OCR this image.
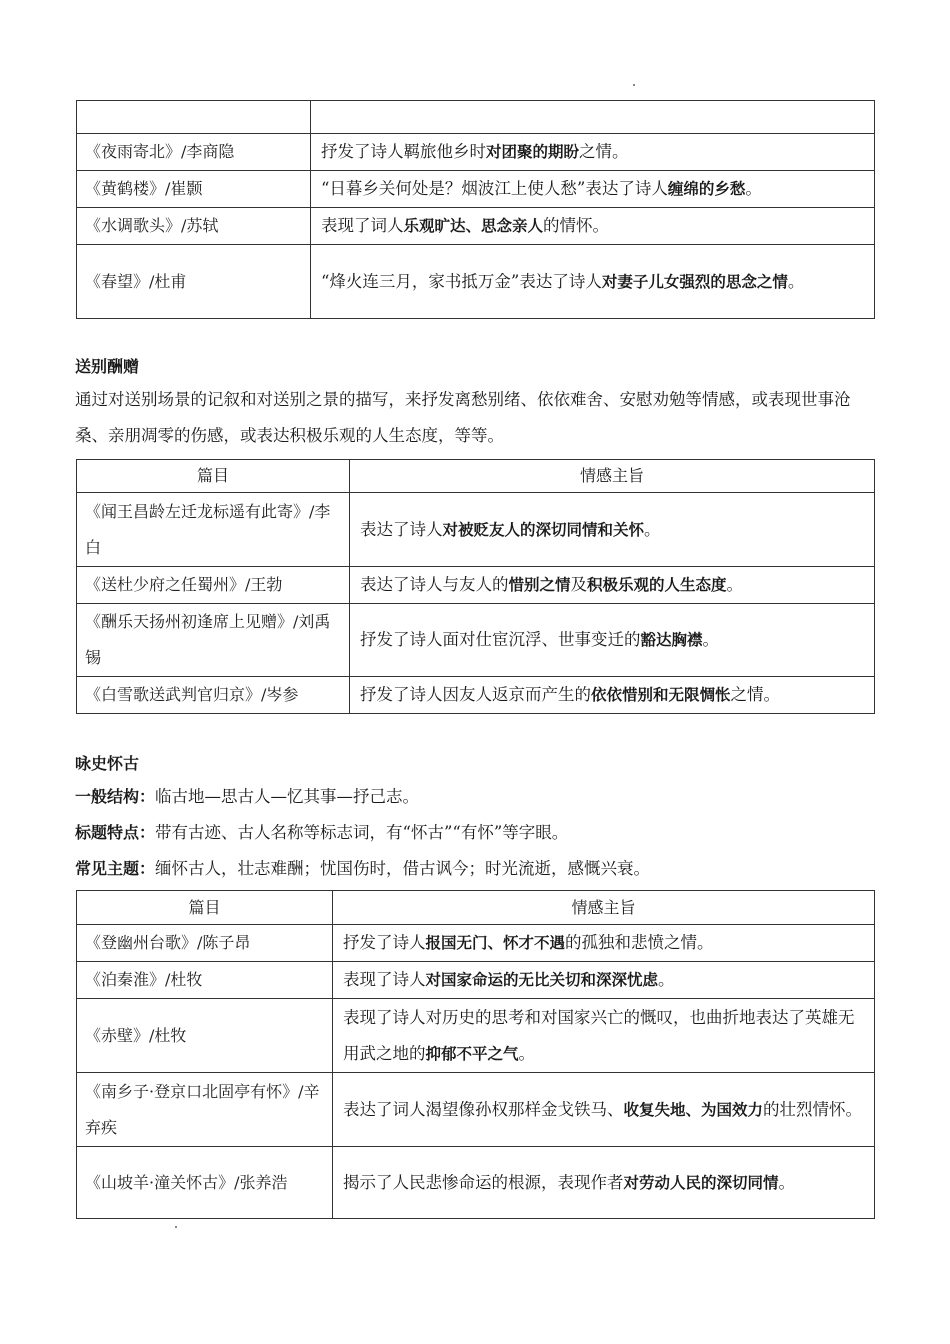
《夜雨寄北》/李商隐	抒发了诗人羁旅他乡时对团聚的期盼之情。
《黄鹤楼》/崔颢	“日暮乡关何处是？烟波江上使人愁”表达了诗人缠绵的乡愁。
《水调歌头》/苏轼	表现了词人乐观旷达、思念亲人的情怀。
《春望》/杜甫	“烽火连三月，家书抵万金”表达了诗人对妻子儿女强烈的思念之情。
送别酬赠
通过对送别场景的记叙和对送别之景的描写，来抒发离愁别绪、依依难舍、安慰劝勉等情感，或表现世事沧桑、亲朋凋零的伤感，或表达积极乐观的人生态度，等等。
篇目	情感主旨
《闻王昌龄左迁龙标遥有此寄》/李白	表达了诗人对被贬友人的深切同情和关怀。
《送杜少府之任蜀州》/王勃	表达了诗人与友人的惜别之情及积极乐观的人生态度。
《酬乐天扬州初逢席上见赠》/刘禹锡	抒发了诗人面对仕宦沉浮、世事变迁的豁达胸襟。
《白雪歌送武判官归京》/岑参	抒发了诗人因友人返京而产生的依依惜别和无限惆怅之情。
咏史怀古
一般结构：临古地—思古人—忆其事—抒己志。
标题特点：带有古迹、古人名称等标志词，有“怀古”“有怀”等字眼。
常见主题：缅怀古人，壮志难酬；忧国伤时，借古讽今；时光流逝，感慨兴衰。
篇目	情感主旨
《登幽州台歌》/陈子昂	抒发了诗人报国无门、怀才不遇的孤独和悲愤之情。
《泊秦淮》/杜牧	表现了诗人对国家命运的无比关切和深深忧虑。
《赤壁》/杜牧	表现了诗人对历史的思考和对国家兴亡的慨叹，也曲折地表达了英雄无用武之地的抑郁不平之气。
《南乡子·登京口北固亭有怀》/辛弃疾	表达了词人渴望像孙权那样金戈铁马、收复失地、为国效力的壮烈情怀。
《山坡羊·潼关怀古》/张养浩	揭示了人民悲惨命运的根源，表现作者对劳动人民的深切同情。
